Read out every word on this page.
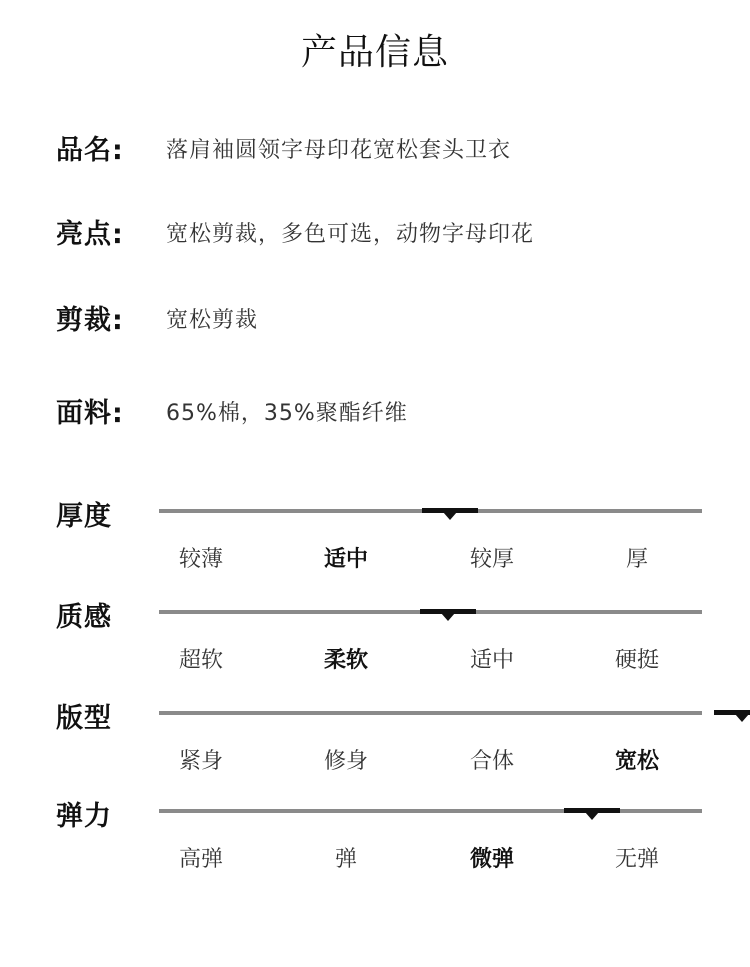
产品信息
品名: 落肩袖圆领字母印花宽松套头卫衣
亮点: 宽松剪裁，多色可选，动物字母印花
剪裁: 宽松剪裁
面料: 65%棉，35%聚酯纤维
厚度
较薄	适中	较厚	厚
质感
超软	柔软	适中	硬挺
版型
紧身	修身	合体	宽松
弹力
高弹	弹	微弹	无弹
